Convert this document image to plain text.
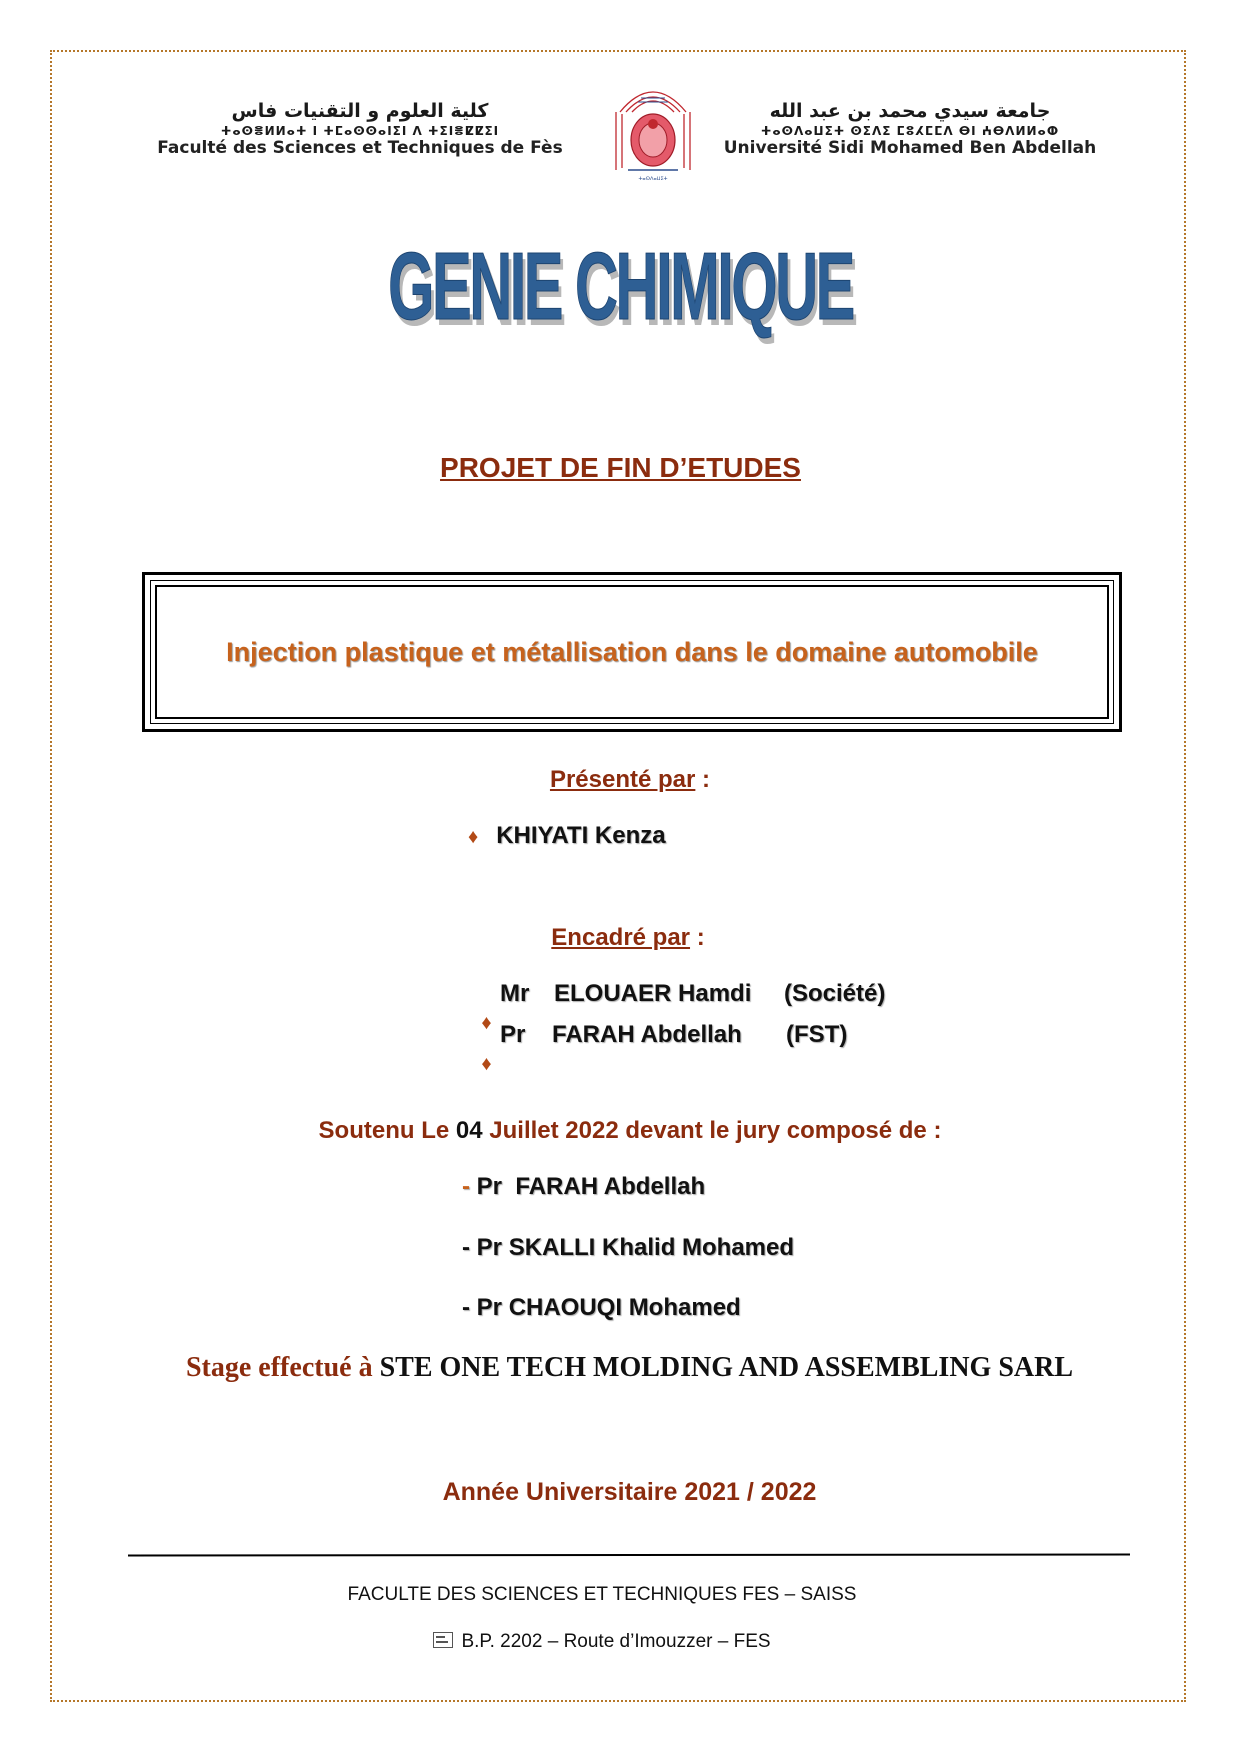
كلية العلوم و التقنيات فاس
ⵜⴰⵙⴻⵍⵍⴰⵜ ⵏ ⵜⵎⴰⵙⵙⴰⵏⵉⵏ ⴷ ⵜⵉⵏⴻⵇⵇⵉⵏ
Faculté des Sciences et Techniques de Fès
ⵜⴰⵙⴷⴰⵡⵉⵜ
جامعة سيدي محمد بن عبد الله
ⵜⴰⵙⴷⴰⵡⵉⵜ ⵙⵉⴷⵉ ⵎⵓⵃⵎⵎⴷ ⴱⵏ ⵄⴱⴷⵍⵍⴰⵀ
Université Sidi Mohamed Ben Abdellah
GENIE CHIMIQUE
PROJET DE FIN D’ETUDES
Injection plastique et métallisation dans le domaine automobile
Présenté par :
♦ KHIYATI Kenza
Encadré par :

♦

Mr ELOUAER Hamdi (Société)

♦

Pr FARAH Abdellah (FST)
Soutenu Le 04 Juillet 2022 devant le jury composé de :
- Pr  FARAH Abdellah
- Pr SKALLI Khalid Mohamed
- Pr CHAOUQI Mohamed
Stage effectué à STE ONE TECH MOLDING AND ASSEMBLING SARL
Année Universitaire 2021 / 2022
FACULTE DES SCIENCES ET TECHNIQUES FES – SAISS
B.P. 2202 – Route d’Imouzzer – FES
